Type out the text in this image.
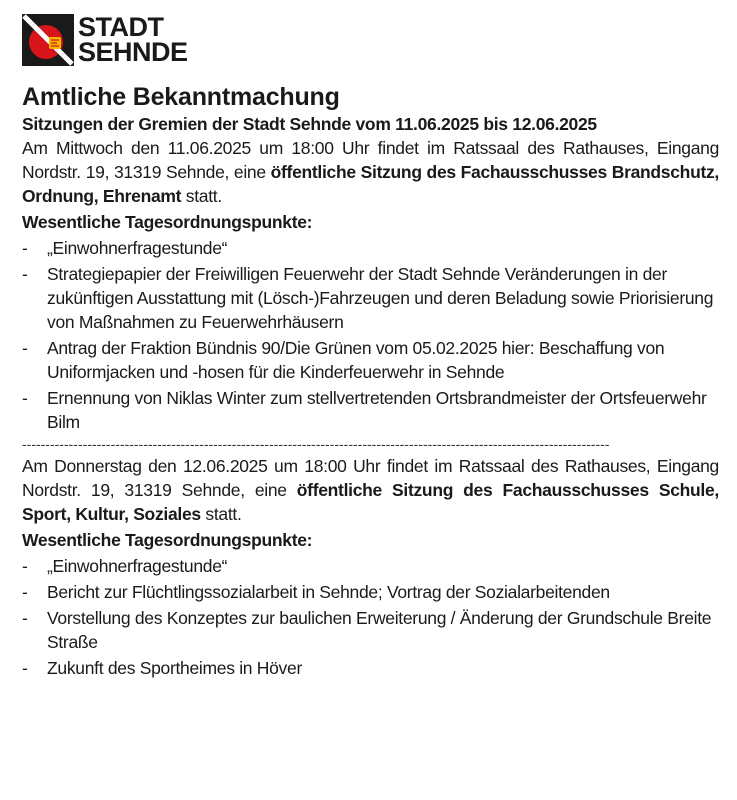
STADT
SEHNDE
Amtliche Bekanntmachung
Sitzungen der Gremien der Stadt Sehnde vom 11.06.2025 bis 12.06.2025

Am Mittwoch den 11.06.2025 um 18:00 Uhr findet im Ratssaal des Rathauses, Eingang Nordstr. 19, 31319 Sehnde, eine öffentliche Sitzung des Fachausschusses Brandschutz, Ordnung, Ehrenamt statt.

Wesentliche Tagesordnungspunkte:
- „Einwohnerfragestunde“
- Strategiepapier der Freiwilligen Feuerwehr der Stadt Sehnde Veränderungen in der zukünftigen Ausstattung mit (Lösch-)Fahrzeugen und deren Beladung sowie Priorisierung von Maßnahmen zu Feuerwehrhäusern
- Antrag der Fraktion Bündnis 90/Die Grünen vom 05.02.2025 hier: Beschaffung von Uniformjacken und -hosen für die Kinderfeuerwehr in Sehnde
- Ernennung von Niklas Winter zum stellvertretenden Ortsbrandmeister der Ortsfeuerwehr Bilm
------------------------------------------------------------------------------------------------------------------------------

Am Donnerstag den 12.06.2025 um 18:00 Uhr findet im Ratssaal des Rathauses, Eingang Nordstr. 19, 31319 Sehnde, eine öffentliche Sitzung des Fachausschusses Schule, Sport, Kultur, Soziales statt.

Wesentliche Tagesordnungspunkte:
- „Einwohnerfragestunde“
- Bericht zur Flüchtlingssozialarbeit in Sehnde; Vortrag der Sozialarbeitenden
- Vorstellung des Konzeptes zur baulichen Erweiterung / Änderung der Grundschule Breite Straße
- Zukunft des Sportheimes in Höver
